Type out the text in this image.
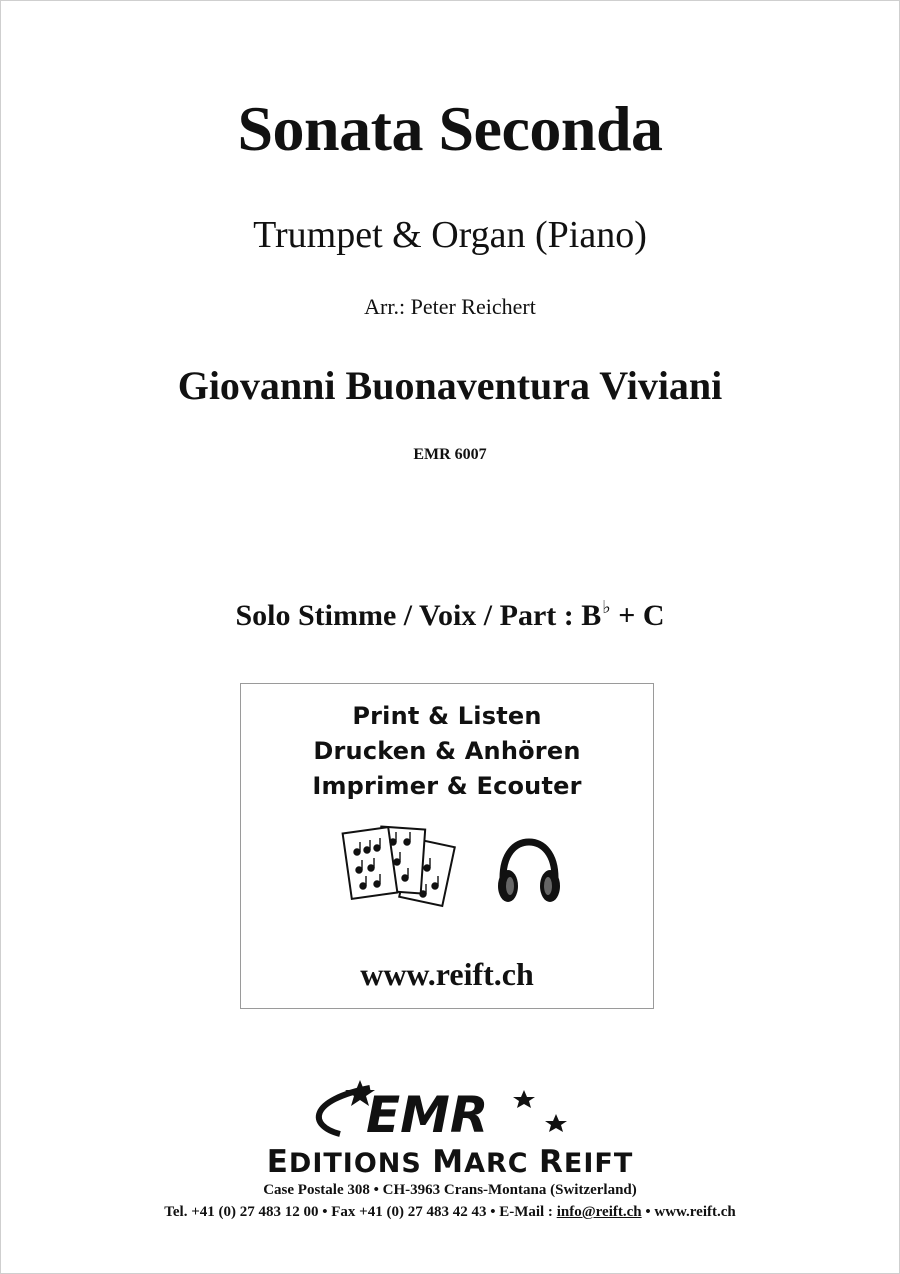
Sonata Seconda
Trumpet & Organ (Piano)
Arr.: Peter Reichert
Giovanni Buonaventura Viviani
EMR 6007
Solo Stimme / Voix / Part : B♭ + C
Print & Listen
Drucken & Anhören
Imprimer & Ecouter
www.reift.ch
EMR
EDITIONS MARC REIFT
Case Postale 308 • CH-3963 Crans-Montana (Switzerland)
Tel. +41 (0) 27 483 12 00 • Fax +41 (0) 27 483 42 43 • E-Mail : info@reift.ch • www.reift.ch
